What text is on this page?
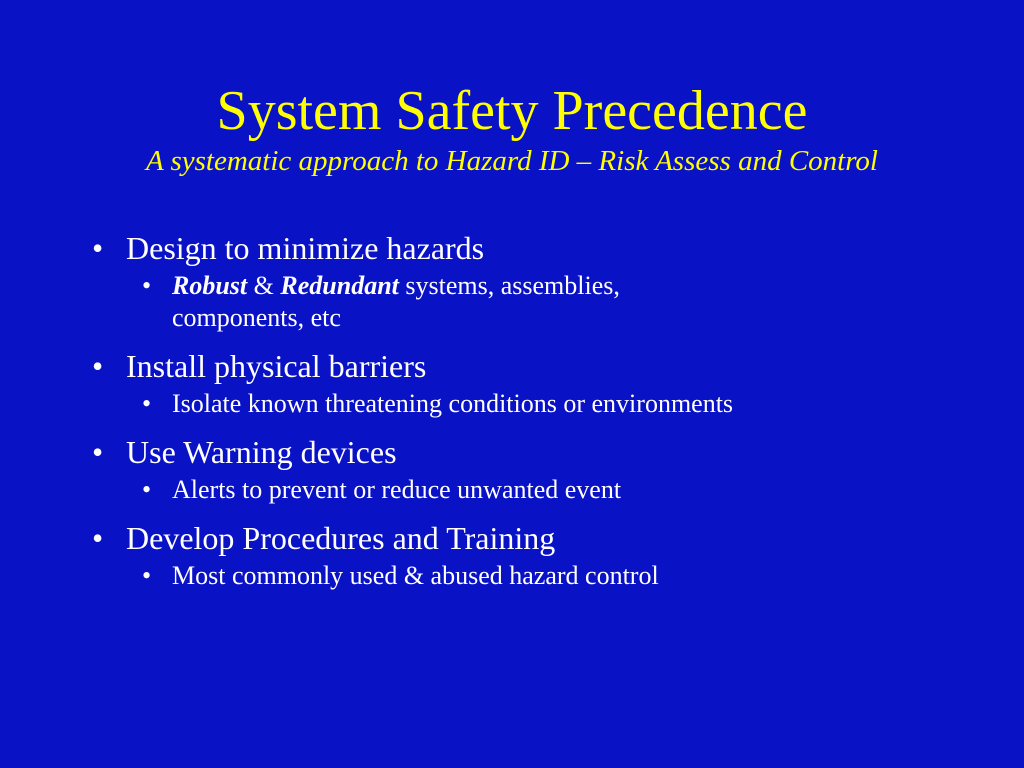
System Safety Precedence
A systematic approach to Hazard ID – Risk Assess and Control
• Design to minimize hazards
• Robust & Redundant systems, assemblies, components, etc
• Install physical barriers
• Isolate known threatening conditions or environments
• Use Warning devices
• Alerts to prevent or reduce unwanted event
• Develop Procedures and Training
• Most commonly used & abused hazard control
